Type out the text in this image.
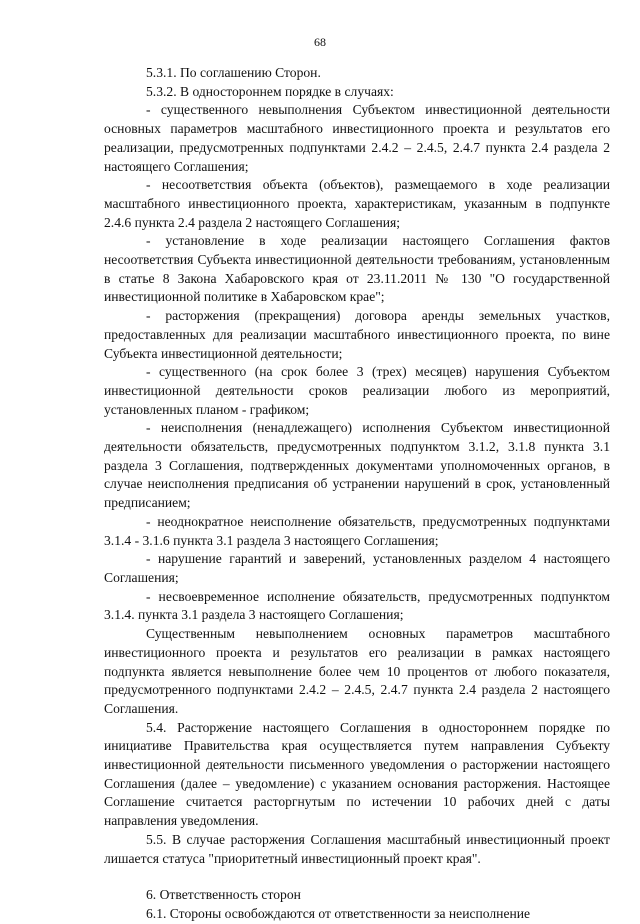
68

5.3.1. По соглашению Сторон.

5.3.2. В одностороннем порядке в случаях:

- существенного невыполнения Субъектом инвестиционной деятельности основных параметров масштабного инвестиционного проекта и результатов его реализации, предусмотренных подпунктами 2.4.2 – 2.4.5, 2.4.7 пункта 2.4 раздела 2 настоящего Соглашения;

- несоответствия объекта (объектов), размещаемого в ходе реализации масштабного инвестиционного проекта, характеристикам, указанным в подпункте 2.4.6 пункта 2.4 раздела 2 настоящего Соглашения;

- установление в ходе реализации настоящего Соглашения фактов несоответствия Субъекта инвестиционной деятельности требованиям, установленным в статье 8 Закона Хабаровского края от 23.11.2011 № 130 "О государственной инвестиционной политике в Хабаровском крае";

- расторжения (прекращения) договора аренды земельных участков, предоставленных для реализации масштабного инвестиционного проекта, по вине Субъекта инвестиционной деятельности;

- существенного (на срок более 3 (трех) месяцев) нарушения Субъектом инвестиционной деятельности сроков реализации любого из мероприятий, установленных планом - графиком;

- неисполнения (ненадлежащего) исполнения Субъектом инвестиционной деятельности обязательств, предусмотренных подпунктом 3.1.2, 3.1.8 пункта 3.1 раздела 3 Соглашения, подтвержденных документами уполномоченных органов, в случае неисполнения предписания об устранении нарушений в срок, установленный предписанием;

- неоднократное неисполнение обязательств, предусмотренных подпунктами 3.1.4 - 3.1.6 пункта 3.1 раздела 3 настоящего Соглашения;

- нарушение гарантий и заверений, установленных разделом 4 настоящего Соглашения;

- несвоевременное исполнение обязательств, предусмотренных подпунктом 3.1.4. пункта 3.1 раздела 3 настоящего Соглашения;

Существенным невыполнением основных параметров масштабного инвестиционного проекта и результатов его реализации в рамках настоящего подпункта является невыполнение более чем 10 процентов от любого показателя, предусмотренного подпунктами 2.4.2 – 2.4.5, 2.4.7 пункта 2.4 раздела 2 настоящего Соглашения.

5.4. Расторжение настоящего Соглашения в одностороннем порядке по инициативе Правительства края осуществляется путем направления Субъекту инвестиционной деятельности письменного уведомления о расторжении настоящего Соглашения (далее – уведомление) с указанием основания расторжения. Настоящее Соглашение считается расторгнутым по истечении 10 рабочих дней с даты направления уведомления.

5.5. В случае расторжения Соглашения масштабный инвестиционный проект лишается статуса "приоритетный инвестиционный проект края".

6. Ответственность сторон

6.1. Стороны освобождаются от ответственности за неисполнение
